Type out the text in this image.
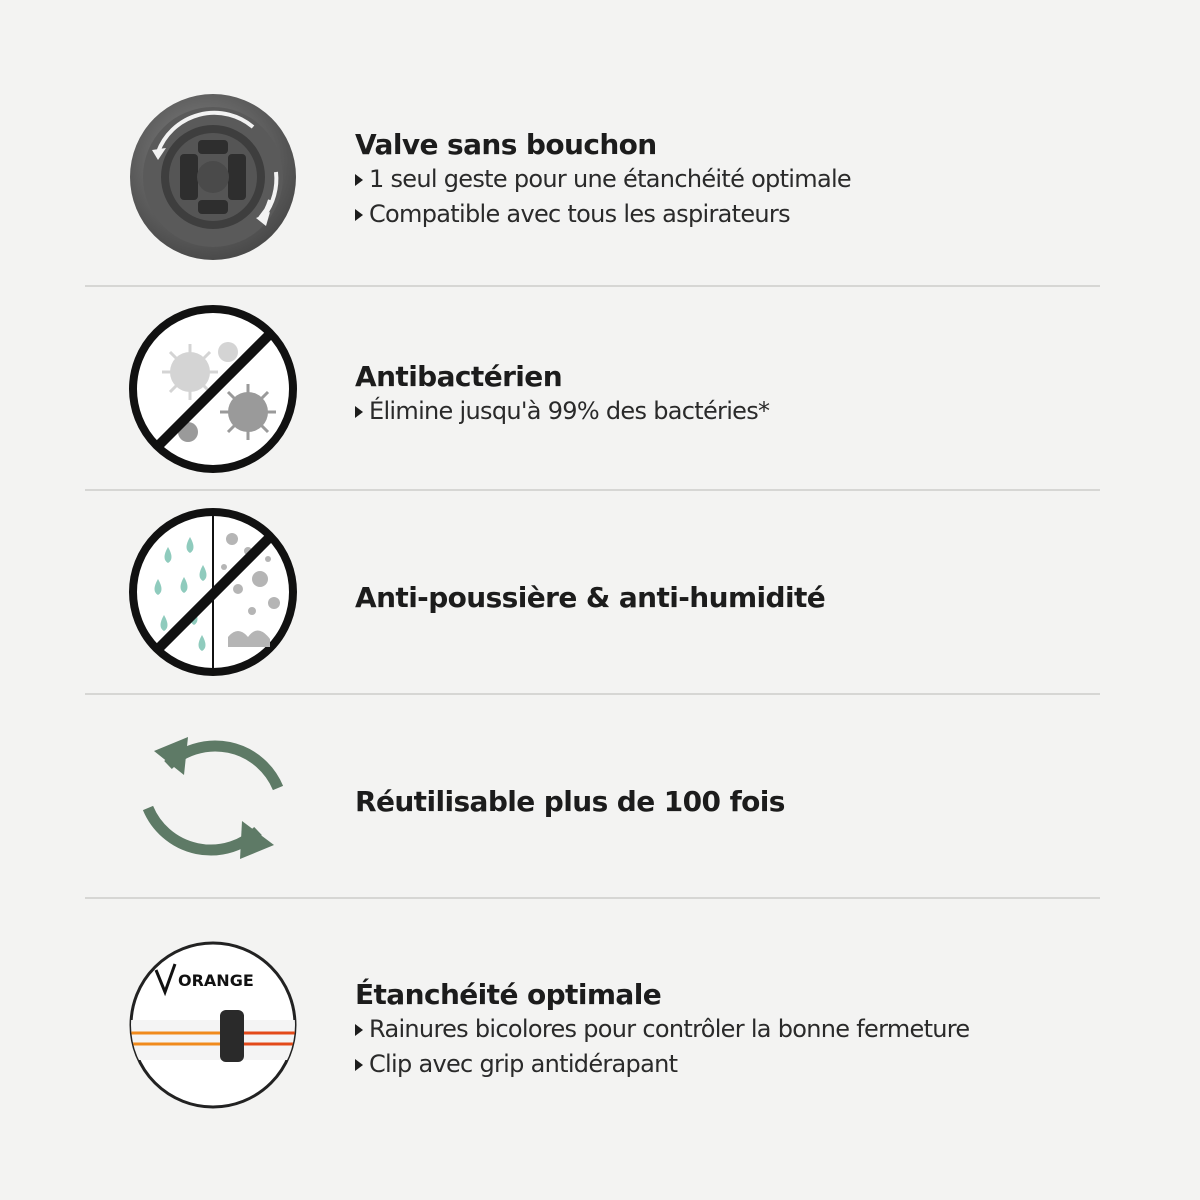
Valve sans bouchon
1 seul geste pour une étanchéité optimale
Compatible avec tous les aspirateurs
Antibactérien
Élimine jusqu'à 99% des bactéries*
Anti-poussière & anti-humidité
Réutilisable plus de 100 fois
ORANGE	Étanchéité optimale
Rainures bicolores pour contrôler la bonne fermeture
Clip avec grip antidérapant
